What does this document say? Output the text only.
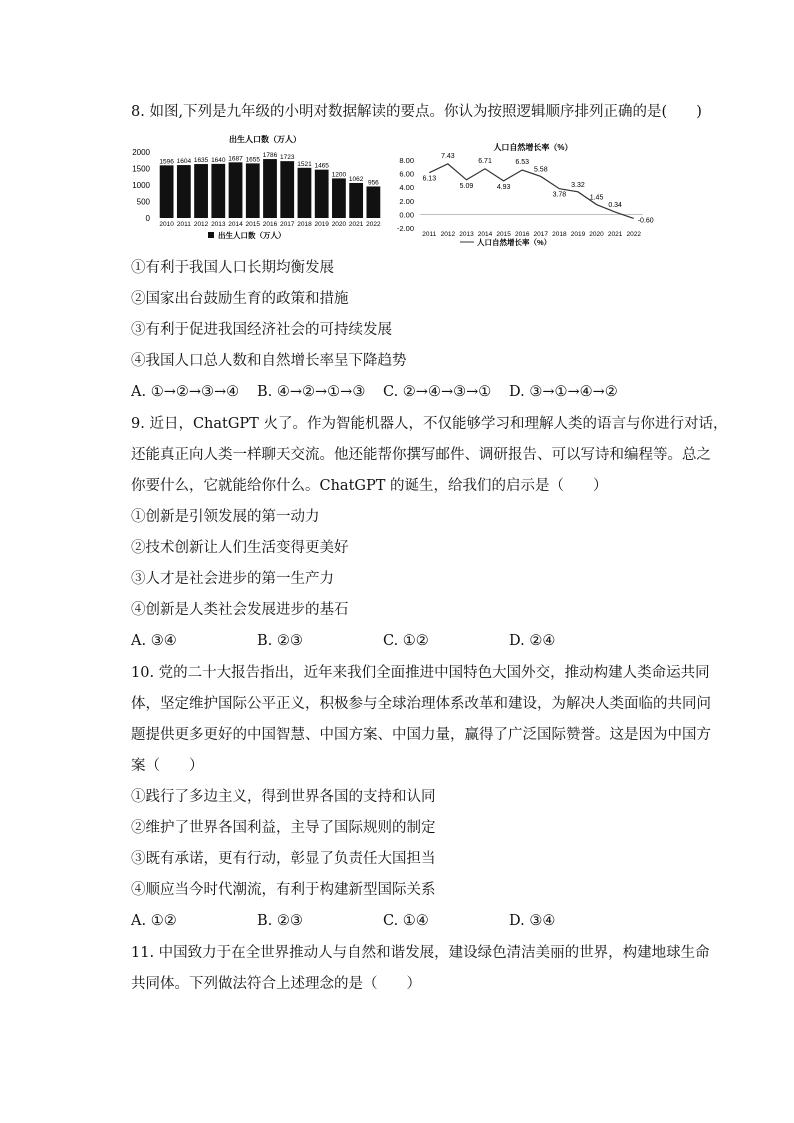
8. 如图,下列是九年级的小明对数据解读的要点。你认为按照逻辑顺序排列正确的是(　　)
出生人口数（万人）
0
500
1000
1500
2000
1596
2010
1604
2011
1635
2012
1640
2013
1687
2014
1655
2015
1786
2016
1723
2017
1521
2018
1465
2019
1200
2020
1062
2021
956
2022
出生人口数（万人）
人口自然增长率（%）
-2.00
0.00
2.00
4.00
6.00
8.00
6.13
2011
7.43
2012
5.09
2013
6.71
2014
4.93
2015
6.53
2016
5.58
2017
3.78
2018
3.32
2019
1.45
2020
0.34
2021
-0.60
2022
人口自然增长率（%）
①有利于我国人口长期均衡发展
②国家出台鼓励生育的政策和措施
③有利于促进我国经济社会的可持续发展
④我国人口总人数和自然增长率呈下降趋势
A. ①→②→③→④ B. ④→②→①→③ C. ②→④→③→① D. ③→①→④→②
9. 近日，ChatGPT 火了。作为智能机器人，不仅能够学习和理解人类的语言与你进行对话，
还能真正向人类一样聊天交流。他还能帮你撰写邮件、调研报告、可以写诗和编程等。总之
你要什么，它就能给你什么。ChatGPT 的诞生，给我们的启示是（　　）
①创新是引领发展的第一动力
②技术创新让人们生活变得更美好
③人才是社会进步的第一生产力
④创新是人类社会发展进步的基石
A. ③④	B. ②③	C. ①②	D. ②④
10. 党的二十大报告指出，近年来我们全面推进中国特色大国外交，推动构建人类命运共同
体，坚定维护国际公平正义，积极参与全球治理体系改革和建设，为解决人类面临的共同问
题提供更多更好的中国智慧、中国方案、中国力量，赢得了广泛国际赞誉。这是因为中国方
案（　　）
①践行了多边主义，得到世界各国的支持和认同
②维护了世界各国利益，主导了国际规则的制定
③既有承诺，更有行动，彰显了负责任大国担当
④顺应当今时代潮流，有利于构建新型国际关系
A. ①②	B. ②③	C. ①④	D. ③④
11. 中国致力于在全世界推动人与自然和谐发展，建设绿色清洁美丽的世界，构建地球生命
共同体。下列做法符合上述理念的是（　　）
